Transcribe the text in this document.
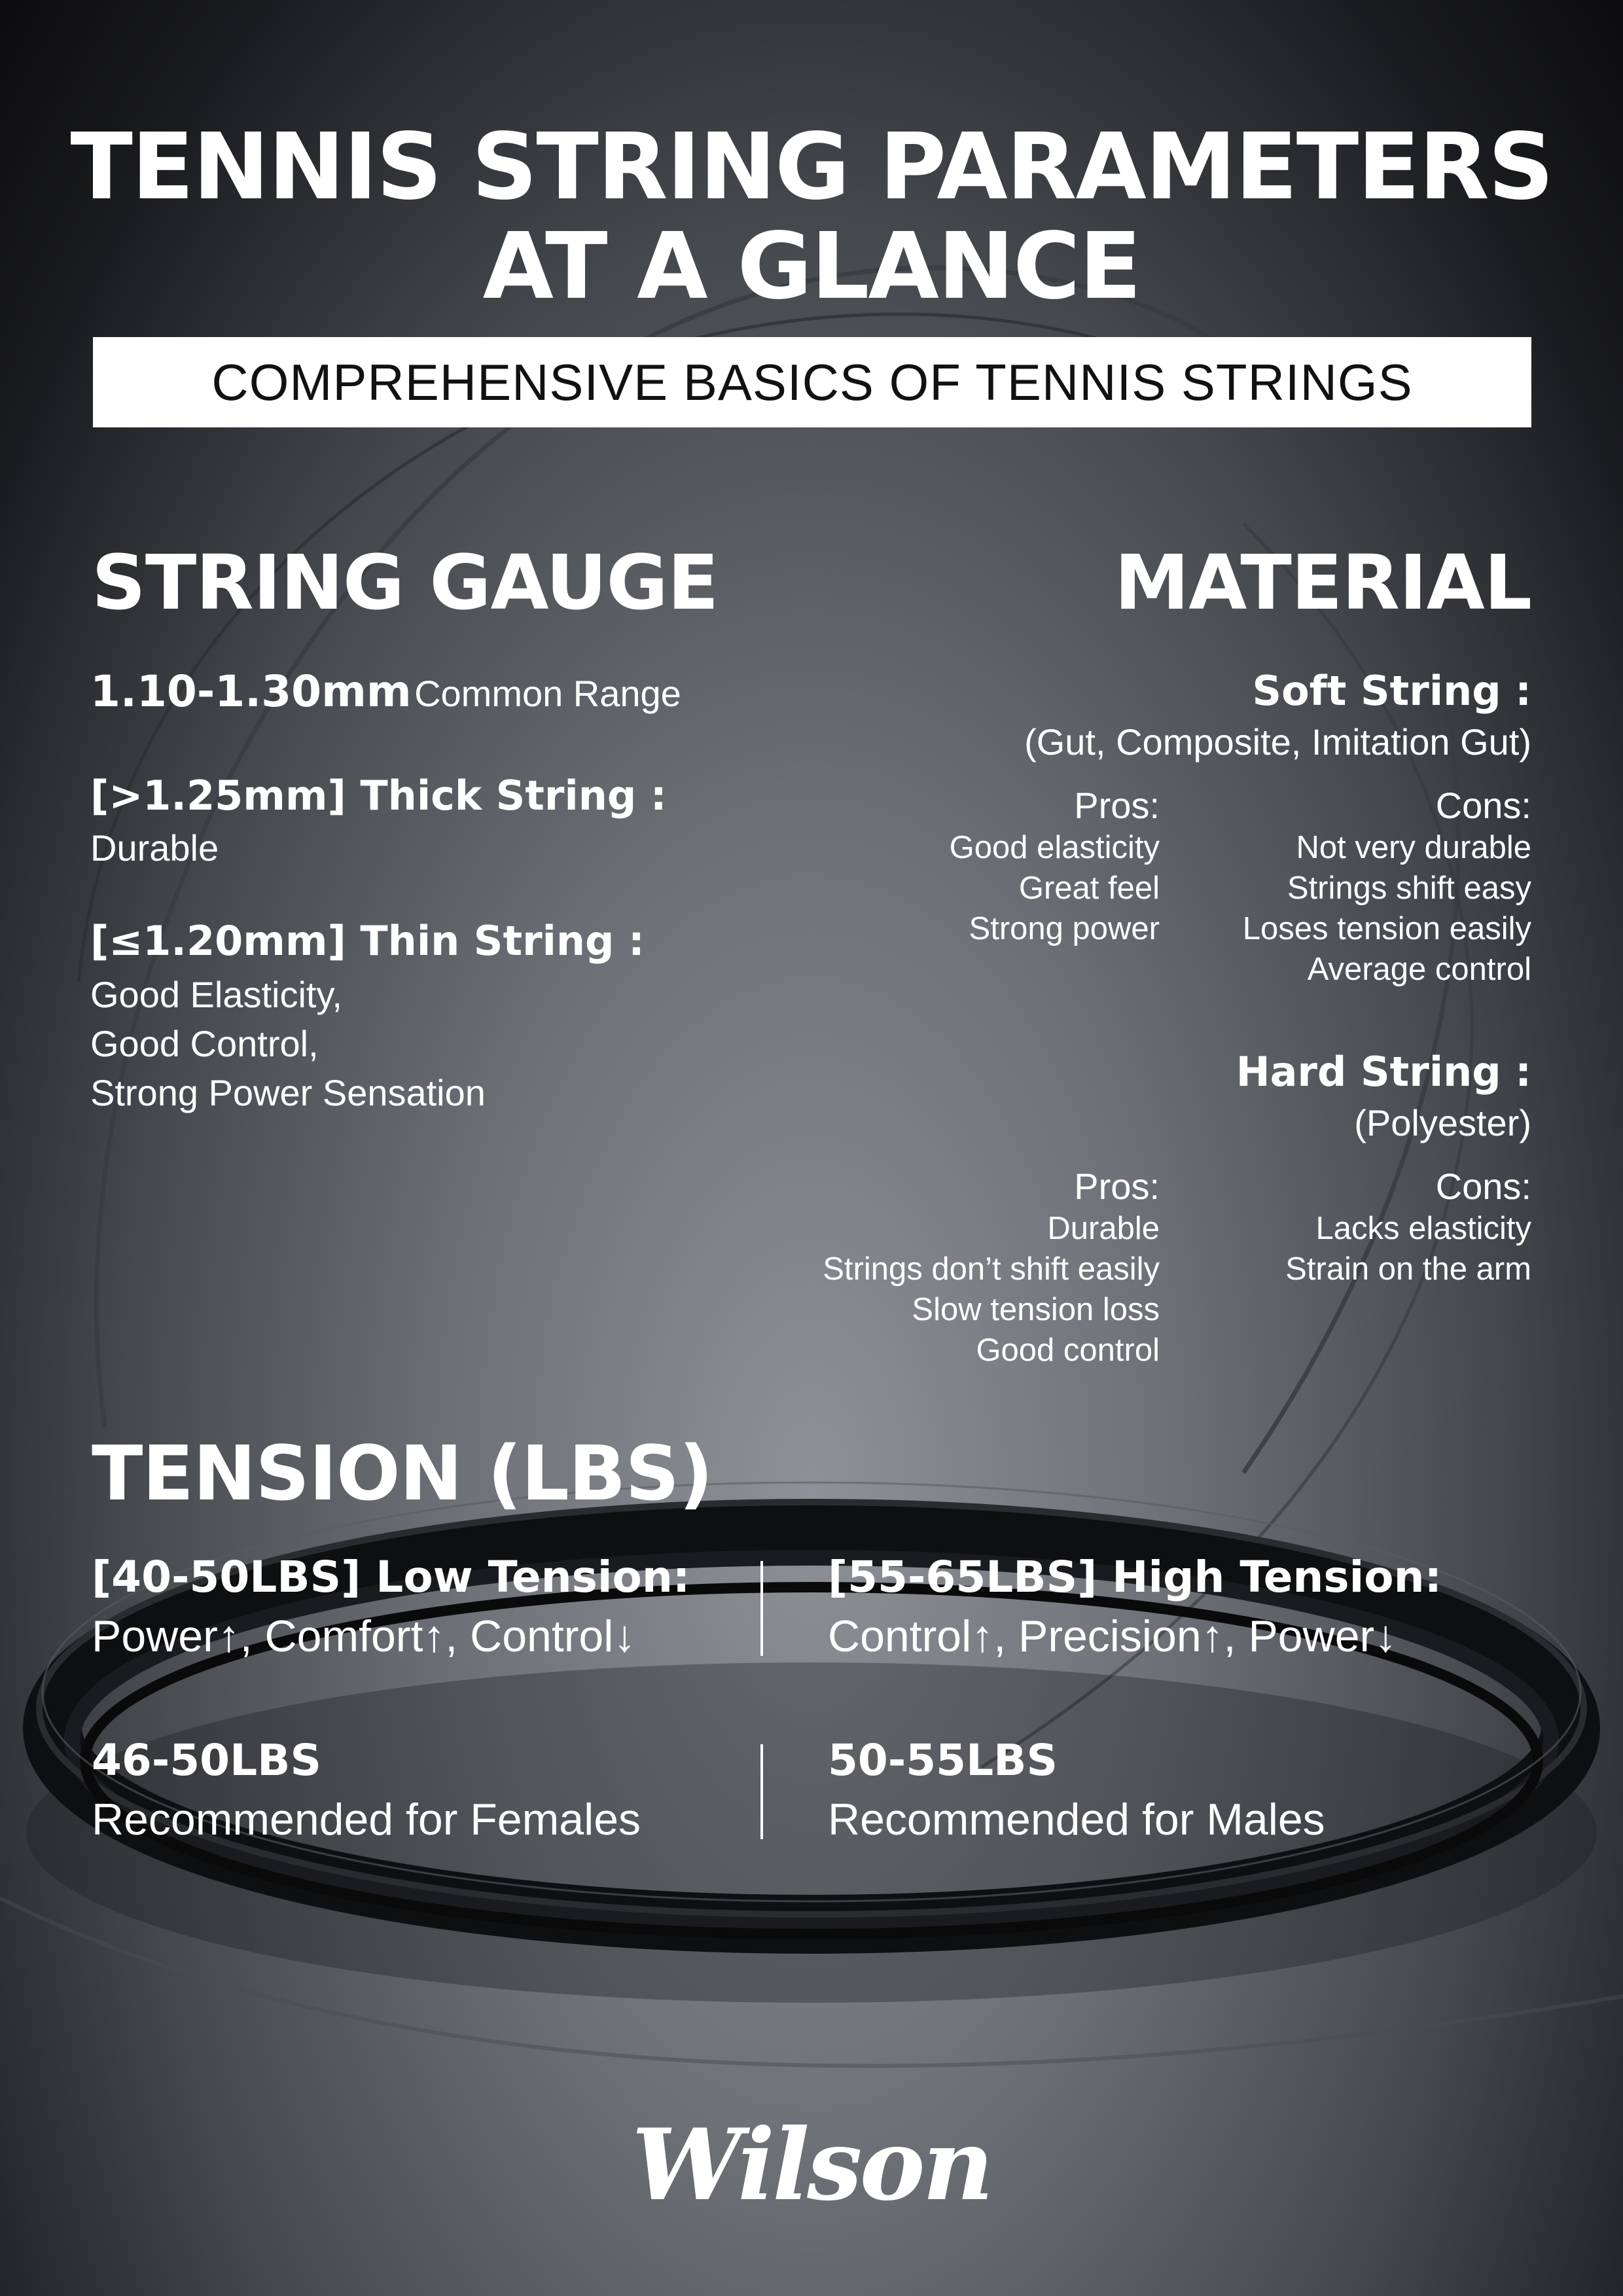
TENNIS STRING PARAMETERS
AT A GLANCE
COMPREHENSIVE BASICS OF TENNIS STRINGS
STRING GAUGE
1.10-1.30mm Common Range
[>1.25mm] Thick String :
Durable
[≤1.20mm] Thin String :
Good Elasticity,
Good Control,
Strong Power Sensation
MATERIAL
Soft String :
(Gut, Composite, Imitation Gut)
Pros:
Good elasticity
Great feel
Strong power
Cons:
Not very durable
Strings shift easy
Loses tension easily
Average control
Hard String :
(Polyester)
Pros:
Durable
Strings don’t shift easily
Slow tension loss
Good control
Cons:
Lacks elasticity
Strain on the arm
TENSION (LBS)
[40-50LBS] Low Tension:
Power↑, Comfort↑, Control↓
[55-65LBS] High Tension:
Control↑, Precision↑, Power↓
46-50LBS
Recommended for Females
50-55LBS
Recommended for Males
Wilson
